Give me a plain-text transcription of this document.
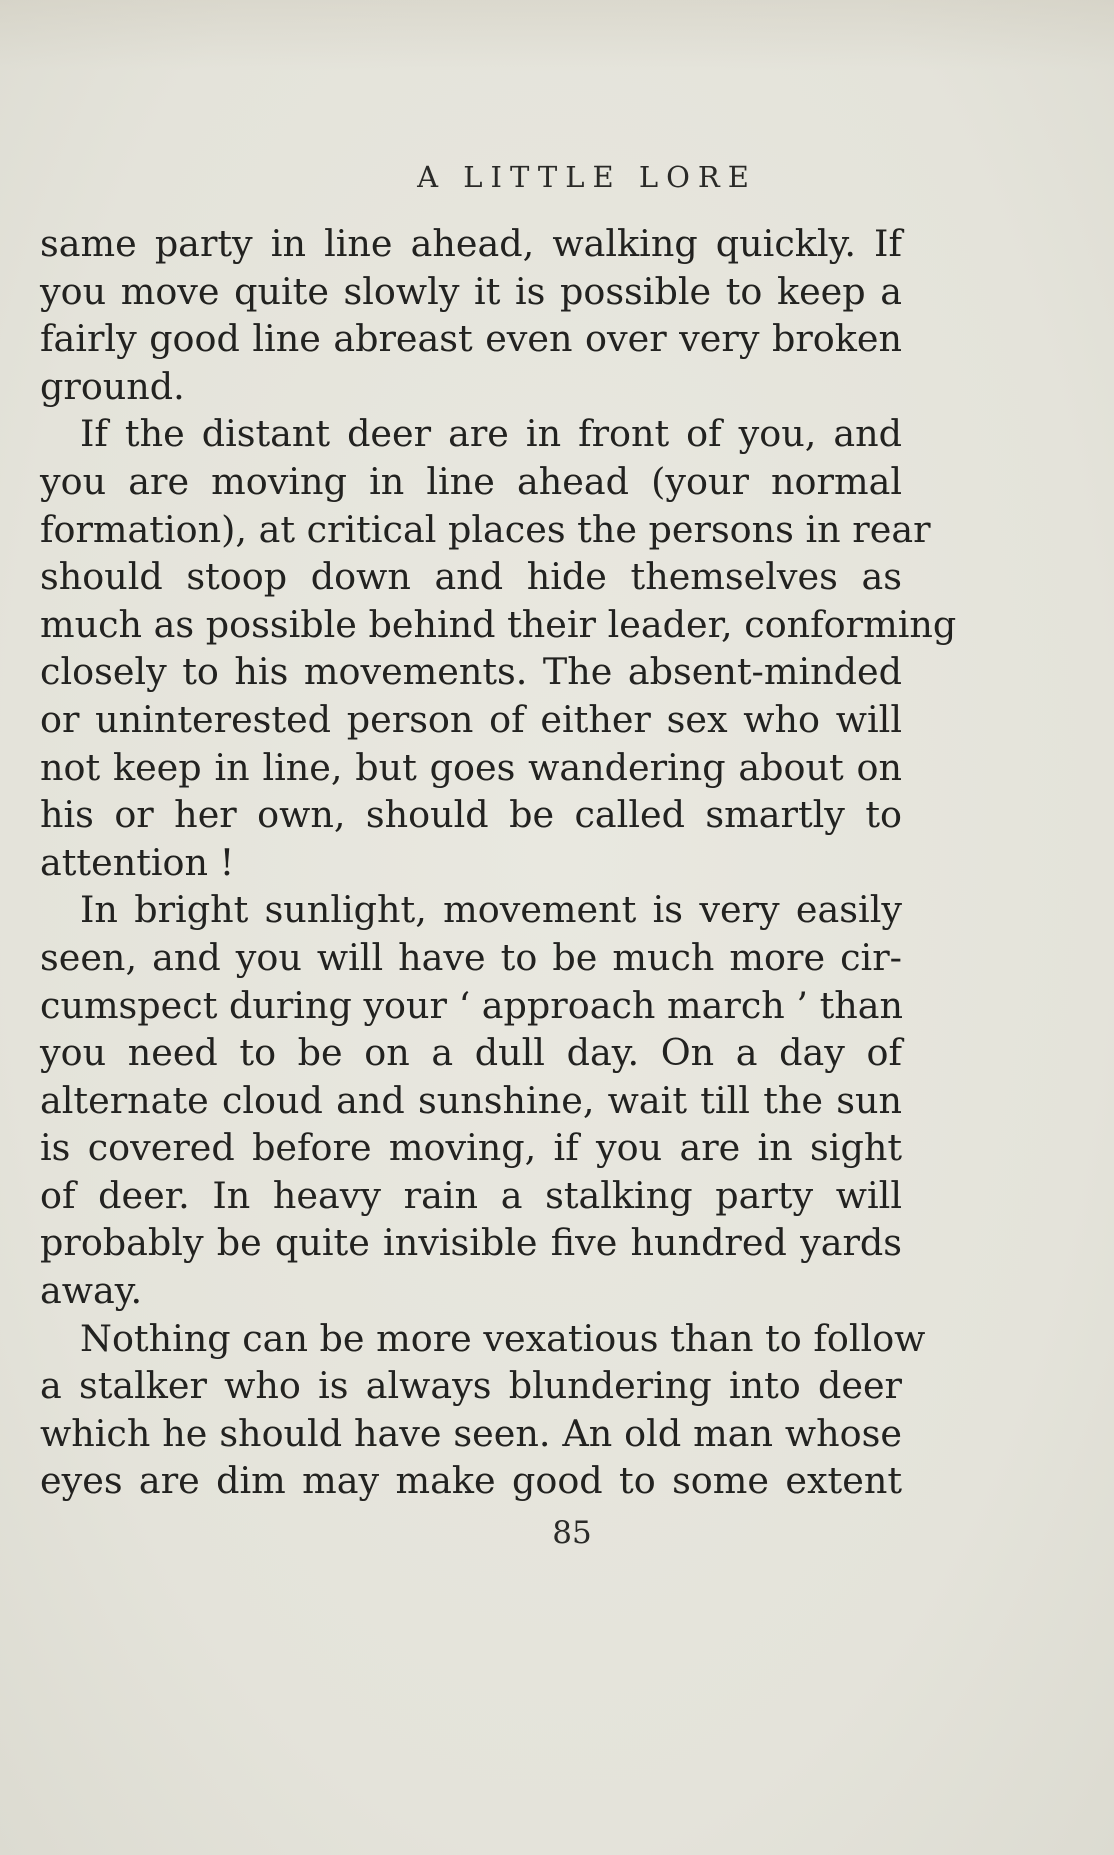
A LITTLE LORE
same party in line ahead, walking quickly. If
you move quite slowly it is possible to keep a
fairly good line abreast even over very broken
ground.
If the distant deer are in front of you, and
you are moving in line ahead (your normal
formation), at critical places the persons in rear
should stoop down and hide themselves as
much as possible behind their leader, conforming
closely to his movements. The absent-minded
or uninterested person of either sex who will
not keep in line, but goes wandering about on
his or her own, should be called smartly to
attention !
In bright sunlight, movement is very easily
seen, and you will have to be much more cir-
cumspect during your ‘ approach march ’ than
you need to be on a dull day. On a day of
alternate cloud and sunshine, wait till the sun
is covered before moving, if you are in sight
of deer. In heavy rain a stalking party will
probably be quite invisible five hundred yards
away.
Nothing can be more vexatious than to follow
a stalker who is always blundering into deer
which he should have seen. An old man whose
eyes are dim may make good to some extent
85
